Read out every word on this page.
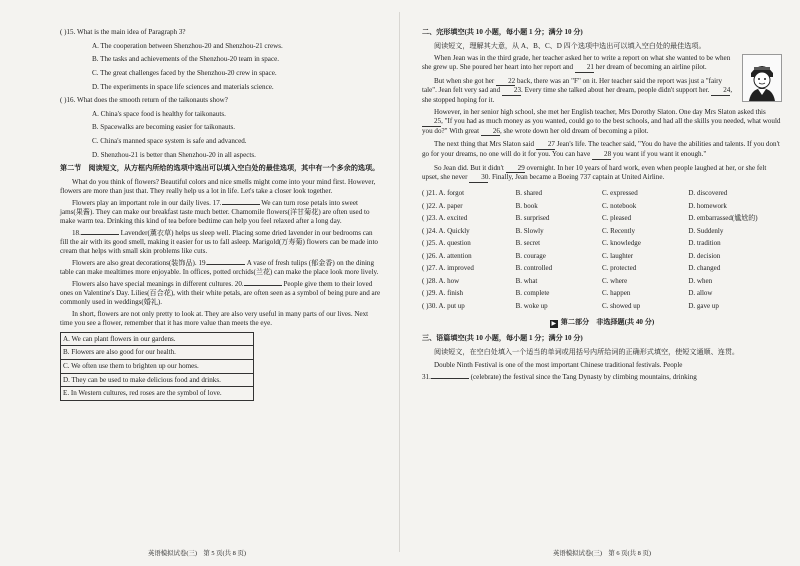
( )15. What is the main idea of Paragraph 3?

A. The cooperation between Shenzhou-20 and Shenzhou-21 crews.

B. The tasks and achievements of the Shenzhou-20 team in space.

C. The great challenges faced by the Shenzhou-20 crew in space.

D. The experiments in space life sciences and materials science.

( )16. What does the smooth return of the taikonauts show?

A. China's space food is healthy for taikonauts.

B. Spacewalks are becoming easier for taikonauts.

C. China's manned space system is safe and advanced.

D. Shenzhou-21 is better than Shenzhou-20 in all aspects.

第二节　阅读短文，从方框内所给的选项中选出可以填入空白处的最佳选项，其中有一个多余的选项。

What do you think of flowers? Beautiful colors and nice smells might come into your mind first. However, flowers are more than just that. They really help us a lot in life. Let's take a closer look together.

Flowers play an important role in our daily lives. 17.	We can turn rose petals into sweet jams(果酱). They can make our breakfast taste much better. Chamomile flowers(洋甘菊花) are often used to make warm tea. Drinking this kind of tea before bedtime can help you feel relaxed after a long day.

18.	Lavender(薰衣草) helps us sleep well. Placing some dried lavender in our bedrooms can fill the air with its good smell, making it easier for us to fall asleep. Marigold(万寿菊) flowers can be made into cream that helps with small skin problems like cuts.

Flowers are also great decorations(装饰品). 19.	A vase of fresh tulips (郁金香) on the dining table can make mealtimes more enjoyable. In offices, potted orchids(兰花) can make the place look more lively.

Flowers also have special meanings in different cultures. 20.	People give them to their loved ones on Valentine's Day. Lilies(百合花), with their white petals, are often seen as a symbol of being pure and are commonly used in weddings(婚礼).

In short, flowers are not only pretty to look at. They are also very useful in many parts of our lives. Next time you see a flower, remember that it has more value than meets the eye.

A. We can plant flowers in our gardens.
B. Flowers are also good for our health.
C. We often use them to brighten up our homes.
D. They can be used to make delicious food and drinks.
E. In Western cultures, red roses are the symbol of love.
英语模拟试卷(三)　第 5 页(共 8 页)

二、完形填空(共 10 小题，每小题 1 分；满分 10 分)

阅读短文，理解其大意，从 A、B、C、D 四个选项中选出可以填入空白处的最佳选项。

When Jean was in the third grade, her teacher asked her to write a report on what she wanted to be when she grew up. She poured her heart into her report and 21 her dream of becoming an airline pilot.

But when she got her 22 back, there was an "F" on it. Her teacher said the report was just a "fairy tale". Jean felt very sad and 23. Every time she talked about her dream, people didn't support her. 24, she stopped hoping for it.

However, in her senior high school, she met her English teacher, Mrs Dorothy Slaton. One day Mrs Slaton asked this 25, "If you had as much money as you wanted, could go to the best schools, and had all the skills you needed, what would you do?" With great 26, she wrote down her old dream of becoming a pilot.

The next thing that Mrs Slaton said 27 Jean's life. The teacher said, "You do have the abilities and talents. If you don't go for your dreams, no one will do it for you. You can have 28 you want if you want it enough."

So Jean did. But it didn't 29 overnight. In her 10 years of hard work, even when people laughed at her, or she felt upset, she never 30. Finally, Jean became a Boeing 737 captain at United Airline.

( )21. A. forgot	B. shared	C. expressed	D. discovered
( )22. A. paper	B. book	C. notebook	D. homework
( )23. A. excited	B. surprised	C. pleased	D. embarrassed(尴尬的)
( )24. A. Quickly	B. Slowly	C. Recently	D. Suddenly
( )25. A. question	B. secret	C. knowledge	D. tradition
( )26. A. attention	B. courage	C. laughter	D. decision
( )27. A. improved	B. controlled	C. protected	D. changed
( )28. A. how	B. what	C. where	D. when
( )29. A. finish	B. complete	C. happen	D. allow
( )30. A. put up	B. woke up	C. showed up	D. gave up
▶ 第二部分　非选择题(共 40 分)

三、语篇填空(共 10 小题，每小题 1 分；满分 10 分)

阅读短文，在空白处填入一个适当的单词或用括号内所给词的正确形式填空，使短文通顺、连贯。

Double Ninth Festival is one of the most important Chinese traditional festivals. People

31.	(celebrate) the festival since the Tang Dynasty by climbing mountains, drinking

英语模拟试卷(三)　第 6 页(共 8 页)
